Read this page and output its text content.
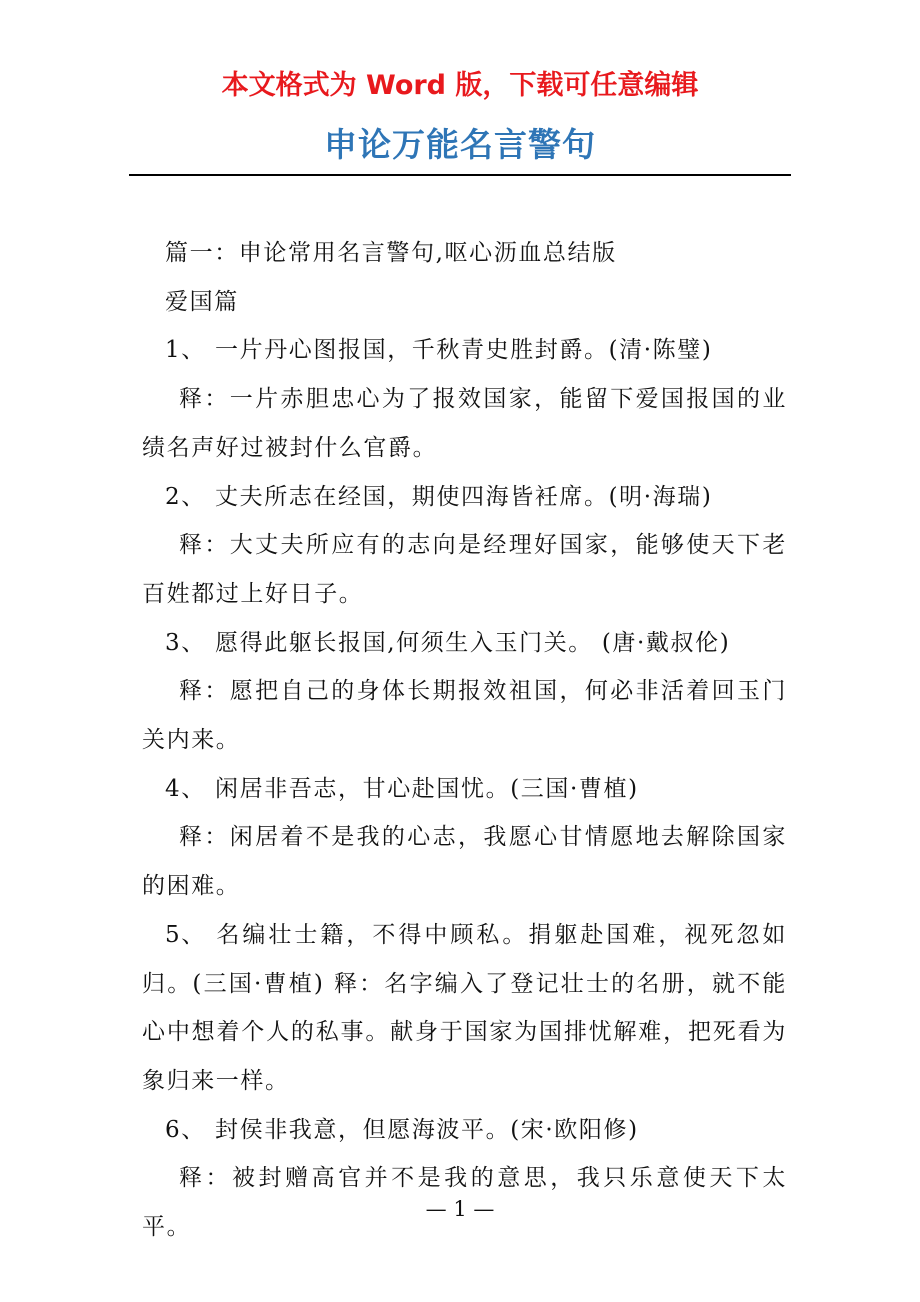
本文格式为 Word 版，下载可任意编辑
申论万能名言警句

篇一：申论常用名言警句,呕心沥血总结版

爱国篇

1、 一片丹心图报国，千秋青史胜封爵。(清·陈璧)

释：一片赤胆忠心为了报效国家，能留下爱国报国的业绩名声好过被封什么官爵。

2、 丈夫所志在经国，期使四海皆衽席。(明·海瑞)

释：大丈夫所应有的志向是经理好国家，能够使天下老百姓都过上好日子。

3、 愿得此躯长报国,何须生入玉门关。 (唐·戴叔伦)

释：愿把自己的身体长期报效祖国，何必非活着回玉门关内来。

4、 闲居非吾志，甘心赴国忧。(三国·曹植)

释：闲居着不是我的心志，我愿心甘情愿地去解除国家的困难。

5、 名编壮士籍，不得中顾私。捐躯赴国难，视死忽如归。(三国·曹植) 释：名字编入了登记壮士的名册，就不能心中想着个人的私事。献身于国家为国排忧解难，把死看为象归来一样。

6、 封侯非我意，但愿海波平。(宋·欧阳修)

释：被封赠高官并不是我的意思，我只乐意使天下太平。

— 1 —
